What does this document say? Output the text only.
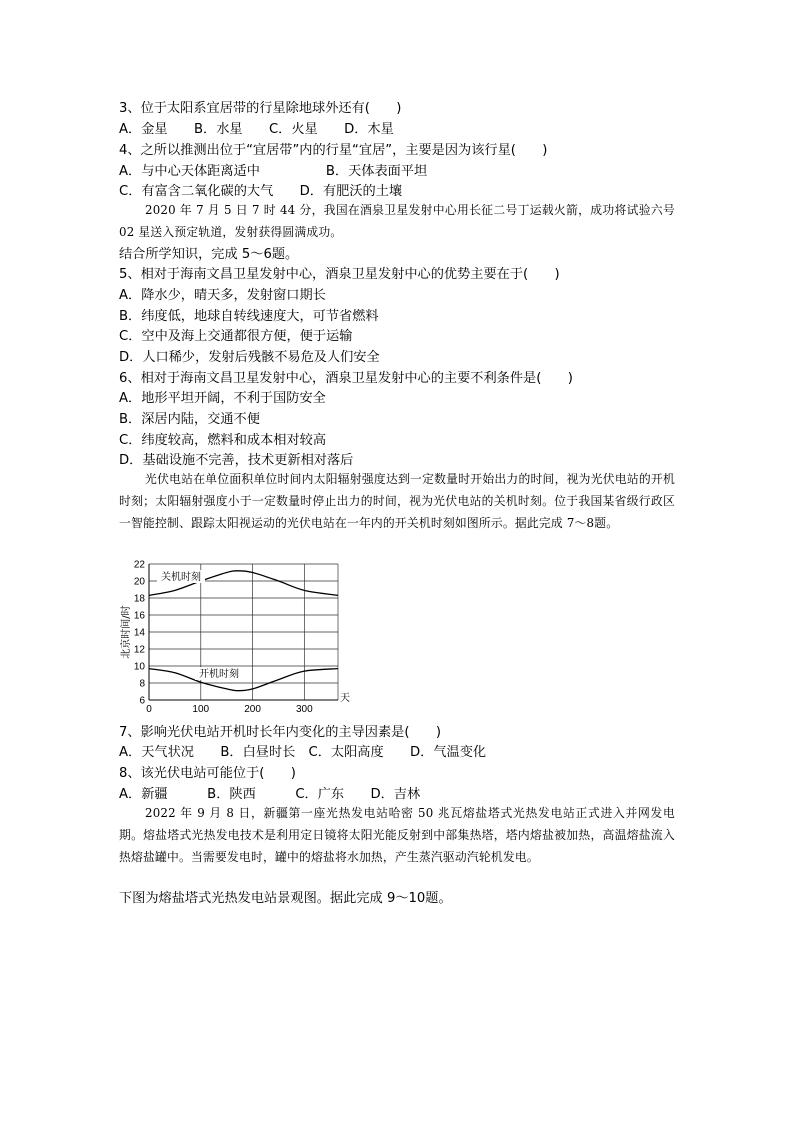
3、位于太阳系宜居带的行星除地球外还有(　　)
A．金星　　B．水星　　C．火星　　D．木星
4、之所以推测出位于“宜居带”内的行星“宜居”，主要是因为该行星(　　)
A．与中心天体距离适中　　　　　B．天体表面平坦
C．有富含二氧化碳的大气　　D．有肥沃的土壤
2020 年 7 月 5 日 7 时 44 分，我国在酒泉卫星发射中心用长征二号丁运载火箭，成功将试验六号 02 星送入预定轨道，发射获得圆满成功。
结合所学知识，完成 5～6题。
5、相对于海南文昌卫星发射中心，酒泉卫星发射中心的优势主要在于(　　)
A．降水少，晴天多，发射窗口期长
B．纬度低，地球自转线速度大，可节省燃料
C．空中及海上交通都很方便，便于运输
D．人口稀少，发射后残骸不易危及人们安全
6、相对于海南文昌卫星发射中心，酒泉卫星发射中心的主要不利条件是(　　)
A．地形平坦开阔，不利于国防安全
B．深居内陆，交通不便
C．纬度较高，燃料和成本相对较高
D．基础设施不完善，技术更新相对落后
光伏电站在单位面积单位时间内太阳辐射强度达到一定数量时开始出力的时间，视为光伏电站的开机时刻；太阳辐射强度小于一定数量时停止出力的时间，视为光伏电站的关机时刻。位于我国某省级行政区一智能控制、跟踪太阳视运动的光伏电站在一年内的开关机时刻如图所示。据此完成 7～8题。
关机时刻
开机时刻
6
8
10
12
14
16
18
20
22
0	100	200	300
天
北京时间/时
7、影响光伏电站开机时长年内变化的主导因素是(　　)
A．天气状况　　B．白昼时长　C．太阳高度　　D．气温变化
8、该光伏电站可能位于(　　)
A．新疆　　　B．陕西　　　C．广东　　D．吉林
2022 年 9 月 8 日，新疆第一座光热发电站哈密 50 兆瓦熔盐塔式光热发电站正式进入并网发电期。熔盐塔式光热发电技术是利用定日镜将太阳光能反射到中部集热塔，塔内熔盐被加热，高温熔盐流入热熔盐罐中。当需要发电时，罐中的熔盐将水加热，产生蒸汽驱动汽轮机发电。
下图为熔盐塔式光热发电站景观图。据此完成 9～10题。
